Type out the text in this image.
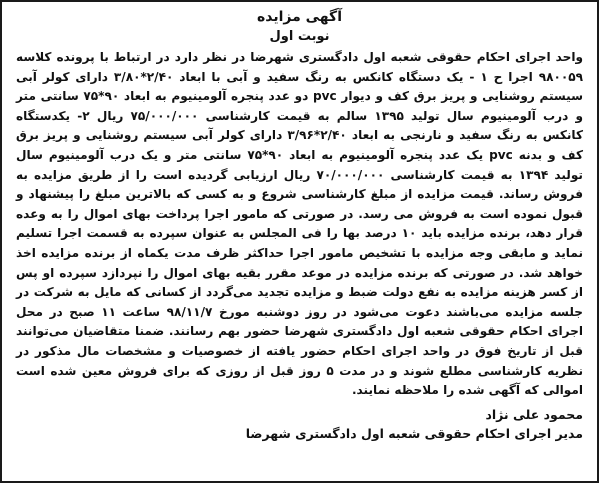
آگهی مزایده
نوبت اول
واحد اجرای احکام حقوقی شعبه اول دادگستری شهرضا در نظر دارد در ارتباط با پرونده کلاسه ۹۸۰۰۵۹ اجرا ح ۱ - یک دستگاه کانکس به رنگ سفید و آبی با ابعاد ۲/۴۰*۳/۸۰ دارای کولر آبی سیستم روشنایی و پریز برق کف و دیوار pvc دو عدد پنجره آلومینیوم به ابعاد ۹۰*۷۵ سانتی متر و درب آلومینیوم سال تولید ۱۳۹۵ سالم به قیمت کارشناسی ۷۵/۰۰۰/۰۰۰ ریال ۲- یکدستگاه کانکس به رنگ سفید و نارنجی به ابعاد ۲/۴۰*۳/۹۶ دارای کولر آبی سیستم روشنایی و پریز برق کف و بدنه pvc یک عدد پنجره آلومینیوم به ابعاد ۹۰*۷۵ سانتی متر و یک درب آلومینیوم سال تولید ۱۳۹۴ به قیمت کارشناسی ۷۰/۰۰۰/۰۰۰ ریال ارزیابی گردیده است را از طریق مزایده به فروش رساند. قیمت مزایده از مبلغ کارشناسی شروع و به کسی که بالاترین مبلغ را پیشنهاد و قبول نموده است به فروش می رسد. در صورتی که مامور اجرا پرداخت بهای اموال را به وعده قرار دهد، برنده مزایده باید ۱۰ درصد بها را فی المجلس به عنوان سپرده به قسمت اجرا تسلیم نماید و مابقی وجه مزایده با تشخیص مامور اجرا حداکثر ظرف مدت یکماه از برنده مزایده اخذ خواهد شد. در صورتی که برنده مزایده در موعد مقرر بقیه بهای اموال را نپردازد سپرده او پس از کسر هزینه مزایده به نفع دولت ضبط و مزایده تجدید می‌گردد از کسانی که مایل به شرکت در جلسه مزایده می‌باشند دعوت می‌شود در روز دوشنبه مورخ ۹۸/۱۱/۷ ساعت ۱۱ صبح در محل اجرای احکام حقوقی شعبه اول دادگستری شهرضا حضور بهم رسانند. ضمنا متقاضیان می‌توانند قبل از تاریخ فوق در واحد اجرای احکام حضور یافته از خصوصیات و مشخصات مال مذکور در نظریه کارشناسی مطلع شوند و در مدت ۵ روز قبل از روزی که برای فروش معین شده است اموالی که آگهی شده را ملاحظه نمایند.
محمود علی نژاد
مدیر اجرای احکام حقوقی شعبه اول دادگستری شهرضا
